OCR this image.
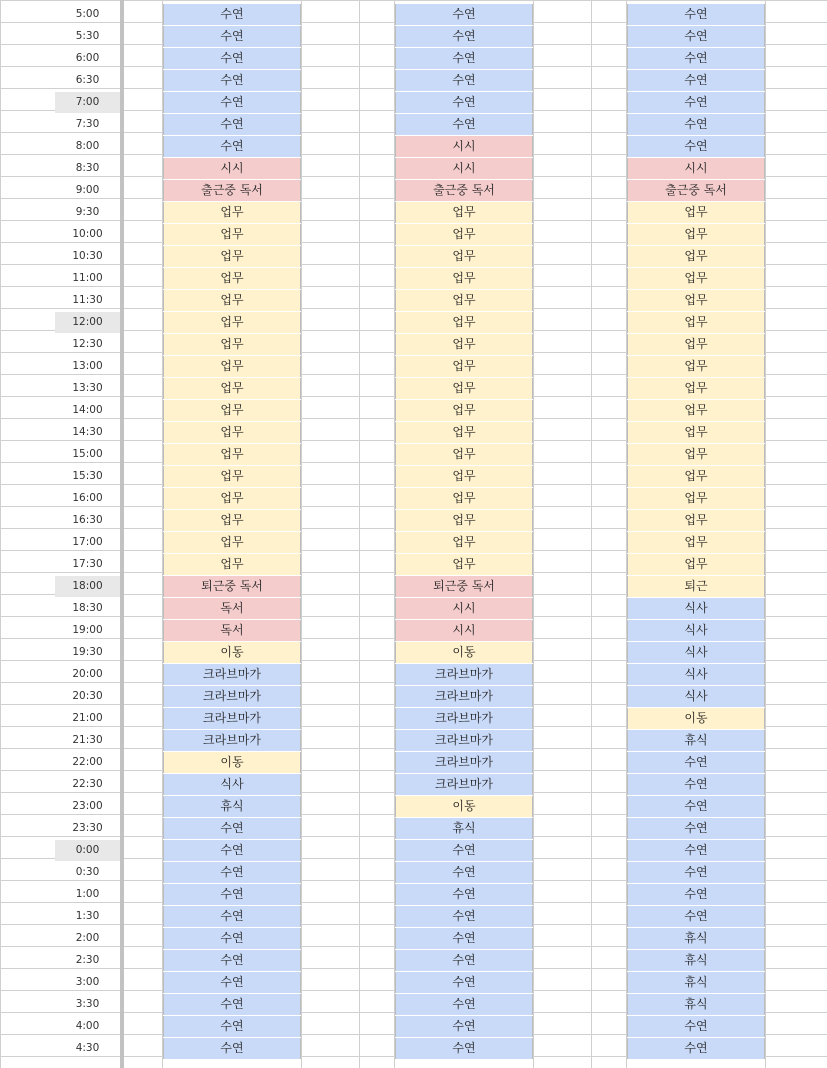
5:00	수연	수연	수연
5:30	수연	수연	수연
6:00	수연	수연	수연
6:30	수연	수연	수연
7:00	수연	수연	수연
7:30	수연	수연	수연
8:00	수연	시시	수연
8:30	시시	시시	시시
9:00	출근중 독서	출근중 독서	출근중 독서
9:30	업무	업무	업무
10:00	업무	업무	업무
10:30	업무	업무	업무
11:00	업무	업무	업무
11:30	업무	업무	업무
12:00	업무	업무	업무
12:30	업무	업무	업무
13:00	업무	업무	업무
13:30	업무	업무	업무
14:00	업무	업무	업무
14:30	업무	업무	업무
15:00	업무	업무	업무
15:30	업무	업무	업무
16:00	업무	업무	업무
16:30	업무	업무	업무
17:00	업무	업무	업무
17:30	업무	업무	업무
18:00	퇴근중 독서	퇴근중 독서	퇴근
18:30	독서	시시	식사
19:00	독서	시시	식사
19:30	이동	이동	식사
20:00	크라브마가	크라브마가	식사
20:30	크라브마가	크라브마가	식사
21:00	크라브마가	크라브마가	이동
21:30	크라브마가	크라브마가	휴식
22:00	이동	크라브마가	수연
22:30	식사	크라브마가	수연
23:00	휴식	이동	수연
23:30	수연	휴식	수연
0:00	수연	수연	수연
0:30	수연	수연	수연
1:00	수연	수연	수연
1:30	수연	수연	수연
2:00	수연	수연	휴식
2:30	수연	수연	휴식
3:00	수연	수연	휴식
3:30	수연	수연	휴식
4:00	수연	수연	수연
4:30	수연	수연	수연
